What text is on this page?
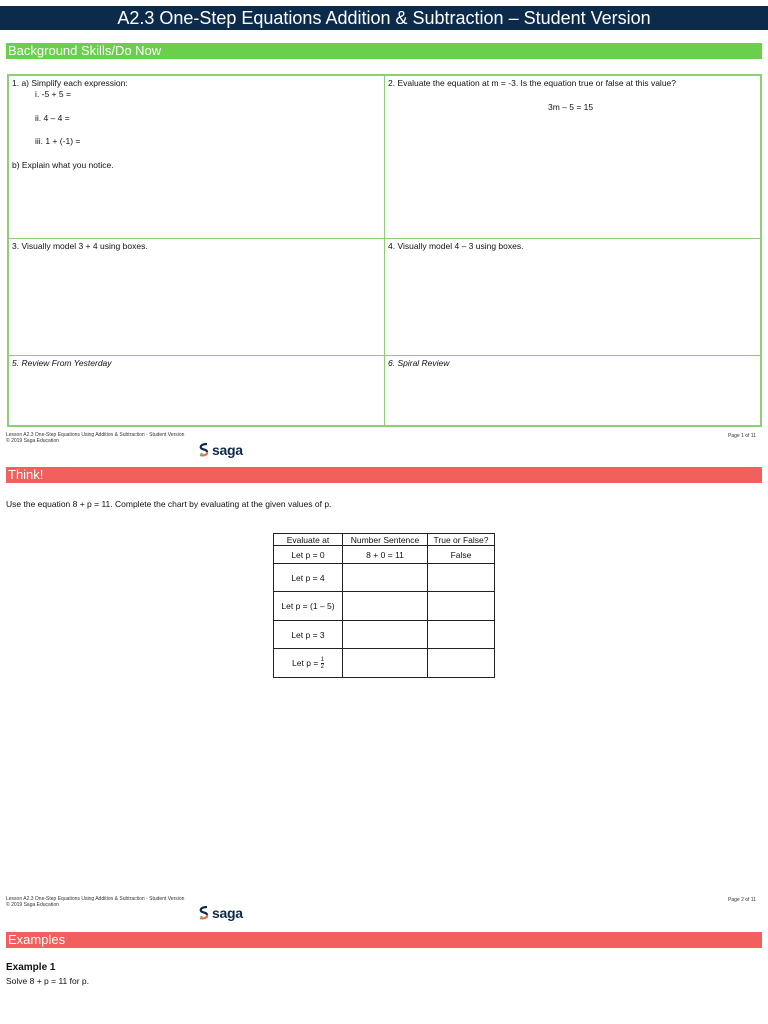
A2.3 One-Step Equations Addition & Subtraction – Student Version
Background Skills/Do Now
1. a) Simplify each expression:
i. -5 + 5 =
ii. 4 – 4 =
iii. 1 + (-1) =
b) Explain what you notice.
2. Evaluate the equation at m = -3. Is the equation true or false at this value?
3m – 5 = 15
3. Visually model 3 + 4 using boxes.	4. Visually model 4 – 3 using boxes.
5. Review From Yesterday	6. Spiral Review
Lesson A2.3 One-Step Equations Using Addition & Subtraction - Student Version
© 2019 Saga Education
Page 1 of 11
saga
Think!
Use the equation 8 + p = 11. Complete the chart by evaluating at the given values of p.
Evaluate at	Number Sentence	True or False?
Let p = 0	8 + 0 = 11	False
Let p = 4		
Let p = (1 – 5)		
Let p = 3		
Let $p = \frac{1}{2}$

Lesson A2.3 One-Step Equations Using Addition & Subtraction - Student Version
© 2019 Saga Education
Page 2 of 11
saga
Examples
Example 1
Solve 8 + p = 11 for p.
